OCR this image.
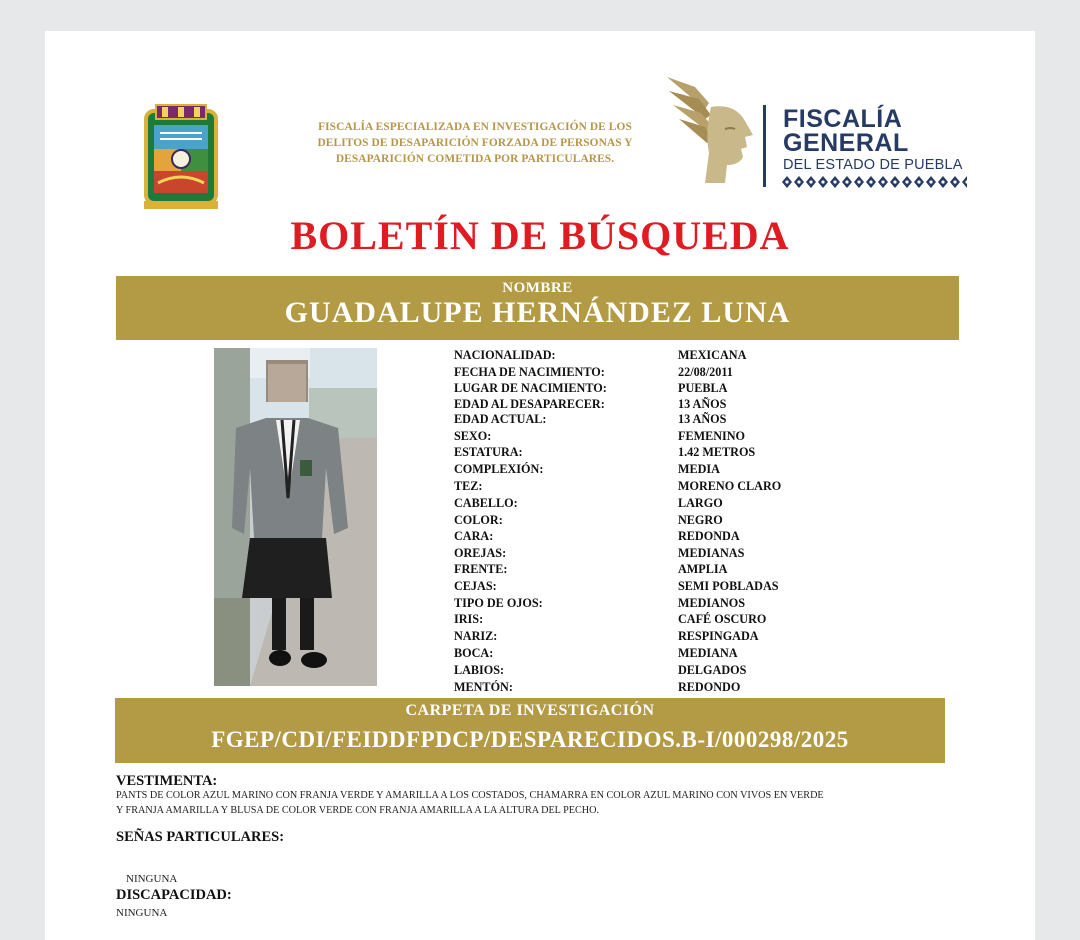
FISCALÍA ESPECIALIZADA EN INVESTIGACIÓN DE LOS DELITOS DE DESAPARICIÓN FORZADA DE PERSONAS Y DESAPARICIÓN COMETIDA POR PARTICULARES.
FISCALÍA
GENERAL
DEL ESTADO DE PUEBLA
BOLETÍN DE BÚSQUEDA
NOMBRE
GUADALUPE HERNÁNDEZ LUNA
NACIONALIDAD:	MEXICANA
FECHA DE NACIMIENTO:	22/08/2011
LUGAR DE NACIMIENTO:	PUEBLA
EDAD AL DESAPARECER:	13 AÑOS
EDAD ACTUAL:	13 AÑOS
SEXO:	FEMENINO
ESTATURA:	1.42 METROS
COMPLEXIÓN:	MEDIA
TEZ:	MORENO CLARO
CABELLO:	LARGO
COLOR:	NEGRO
CARA:	REDONDA
OREJAS:	MEDIANAS
FRENTE:	AMPLIA
CEJAS:	SEMI POBLADAS
TIPO DE OJOS:	MEDIANOS
IRIS:	CAFÉ OSCURO
NARIZ:	RESPINGADA
BOCA:	MEDIANA
LABIOS:	DELGADOS
MENTÓN:	REDONDO
CARPETA DE INVESTIGACIÓN
FGEP/CDI/FEIDDFPDCP/DESPARECIDOS.B-I/000298/2025
VESTIMENTA:
PANTS DE COLOR AZUL MARINO CON FRANJA VERDE Y AMARILLA A LOS COSTADOS, CHAMARRA EN COLOR AZUL MARINO CON VIVOS EN VERDE
Y FRANJA AMARILLA Y BLUSA DE COLOR VERDE CON FRANJA AMARILLA A LA ALTURA DEL PECHO.
SEÑAS PARTICULARES:
NINGUNA
DISCAPACIDAD:
NINGUNA
